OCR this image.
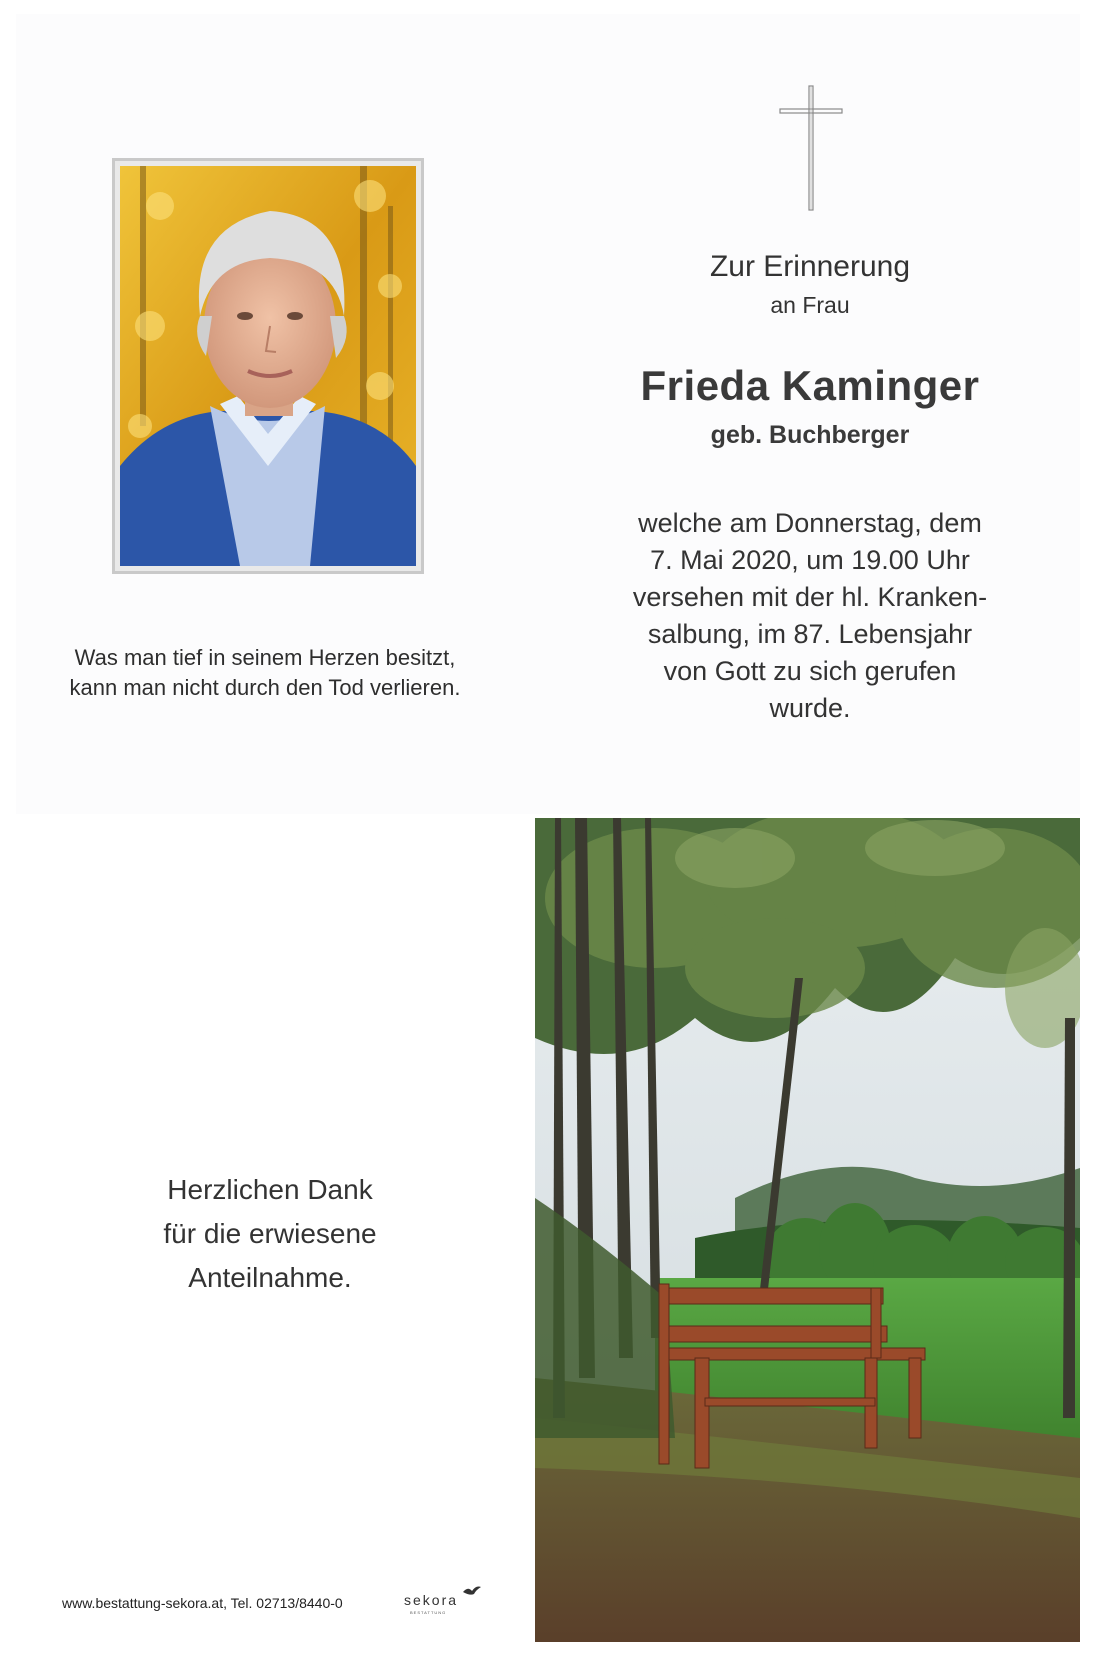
Was man tief in seinem Herzen besitzt,
kann man nicht durch den Tod verlieren.
Zur Erinnerung
an Frau
Frieda Kaminger
geb. Buchberger
welche am Donnerstag, dem
7. Mai 2020, um 19.00 Uhr
versehen mit der hl. Kranken-
salbung, im 87. Lebensjahr
von Gott zu sich gerufen
wurde.
Herzlichen Dank
für die erwiesene
Anteilnahme.
www.bestattung-sekora.at, Tel. 02713/8440-0	sekora
BESTATTUNG
